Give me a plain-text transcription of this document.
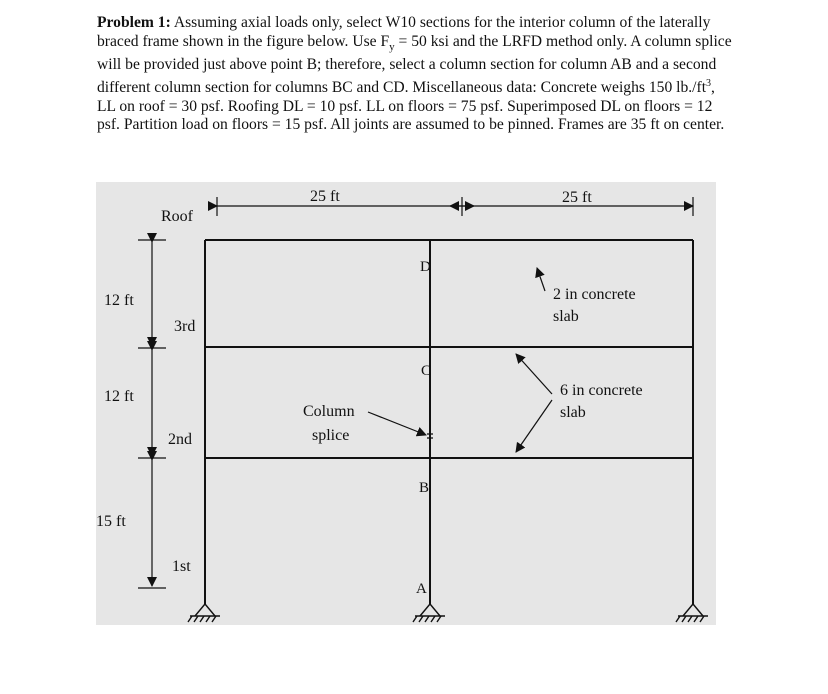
Problem 1: Assuming axial loads only, select W10 sections for the interior column of the laterally braced frame shown in the figure below. Use $F_y = 50$ ksi and the LRFD method only. A column splice will be provided just above point B; therefore, select a column section for column AB and a second different column section for columns BC and CD. Miscellaneous data: Concrete weighs 150 $lb./ft^3$, LL on roof = 30 psf. Roofing DL = 10 psf. LL on floors = 75 psf. Superimposed DL on floors = 12 psf. Partition load on floors = 15 psf. All joints are assumed to be pinned. Frames are 35 ft on center.

25 ft	25 ft
12 ft
12 ft
15 ft
Roof
3rd
2nd
1st
D
C
B
A
Column
splice
2 in concrete
slab
6 in concrete
slab
